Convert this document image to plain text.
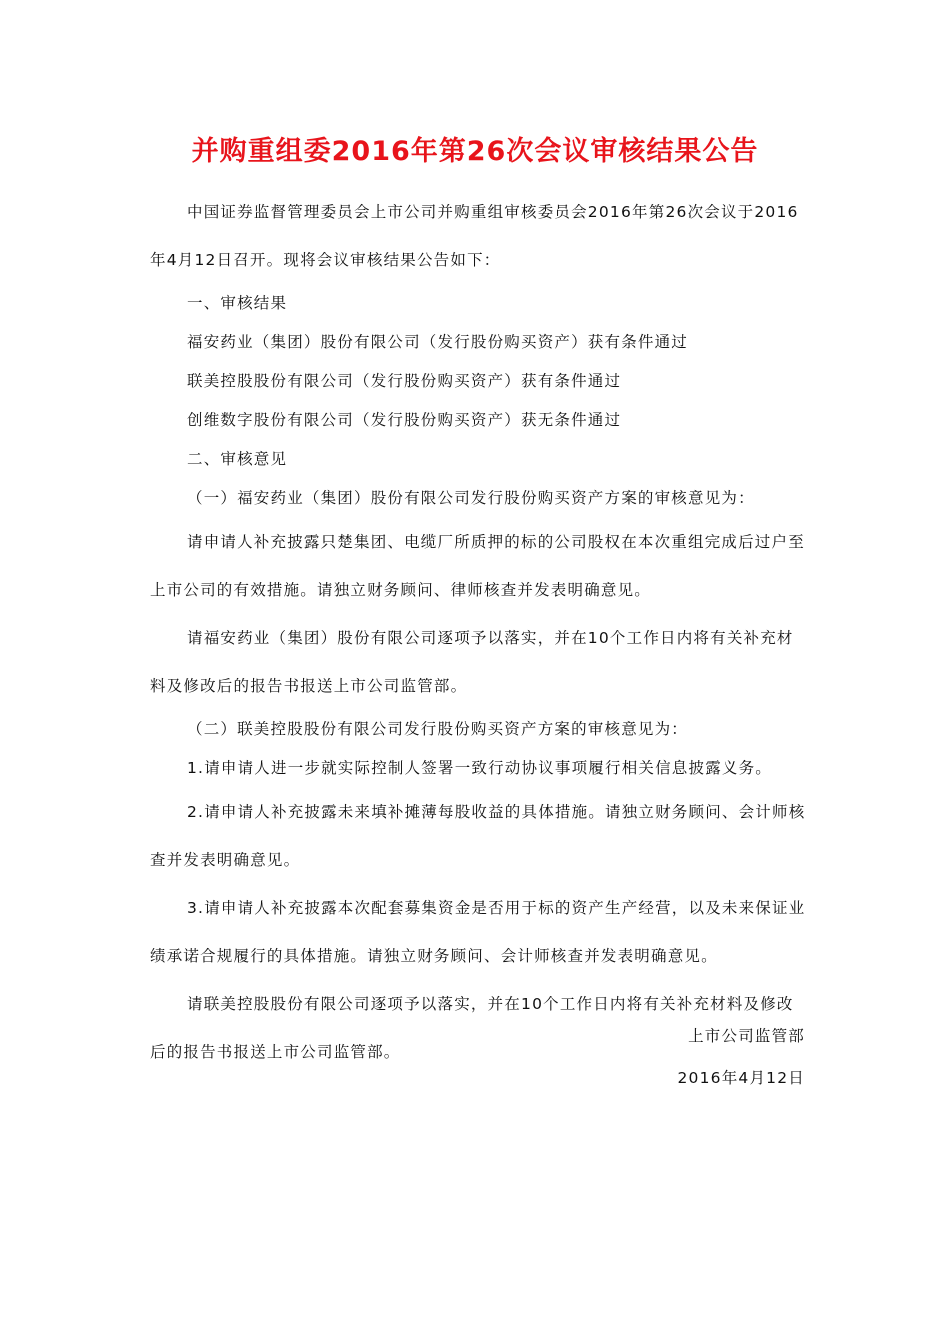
并购重组委2016年第26次会议审核结果公告

中国证券监督管理委员会上市公司并购重组审核委员会2016年第26次会议于2016年4月12日召开。现将会议审核结果公告如下：

一、审核结果

福安药业（集团）股份有限公司（发行股份购买资产）获有条件通过

联美控股股份有限公司（发行股份购买资产）获有条件通过

创维数字股份有限公司（发行股份购买资产）获无条件通过

二、审核意见

（一）福安药业（集团）股份有限公司发行股份购买资产方案的审核意见为：

请申请人补充披露只楚集团、电缆厂所质押的标的公司股权在本次重组完成后过户至上市公司的有效措施。请独立财务顾问、律师核查并发表明确意见。

请福安药业（集团）股份有限公司逐项予以落实，并在10个工作日内将有关补充材料及修改后的报告书报送上市公司监管部。

（二）联美控股股份有限公司发行股份购买资产方案的审核意见为：

1.请申请人进一步就实际控制人签署一致行动协议事项履行相关信息披露义务。

2.请申请人补充披露未来填补摊薄每股收益的具体措施。请独立财务顾问、会计师核查并发表明确意见。

3.请申请人补充披露本次配套募集资金是否用于标的资产生产经营，以及未来保证业绩承诺合规履行的具体措施。请独立财务顾问、会计师核查并发表明确意见。

请联美控股股份有限公司逐项予以落实，并在10个工作日内将有关补充材料及修改后的报告书报送上市公司监管部。

上市公司监管部
2016年4月12日
